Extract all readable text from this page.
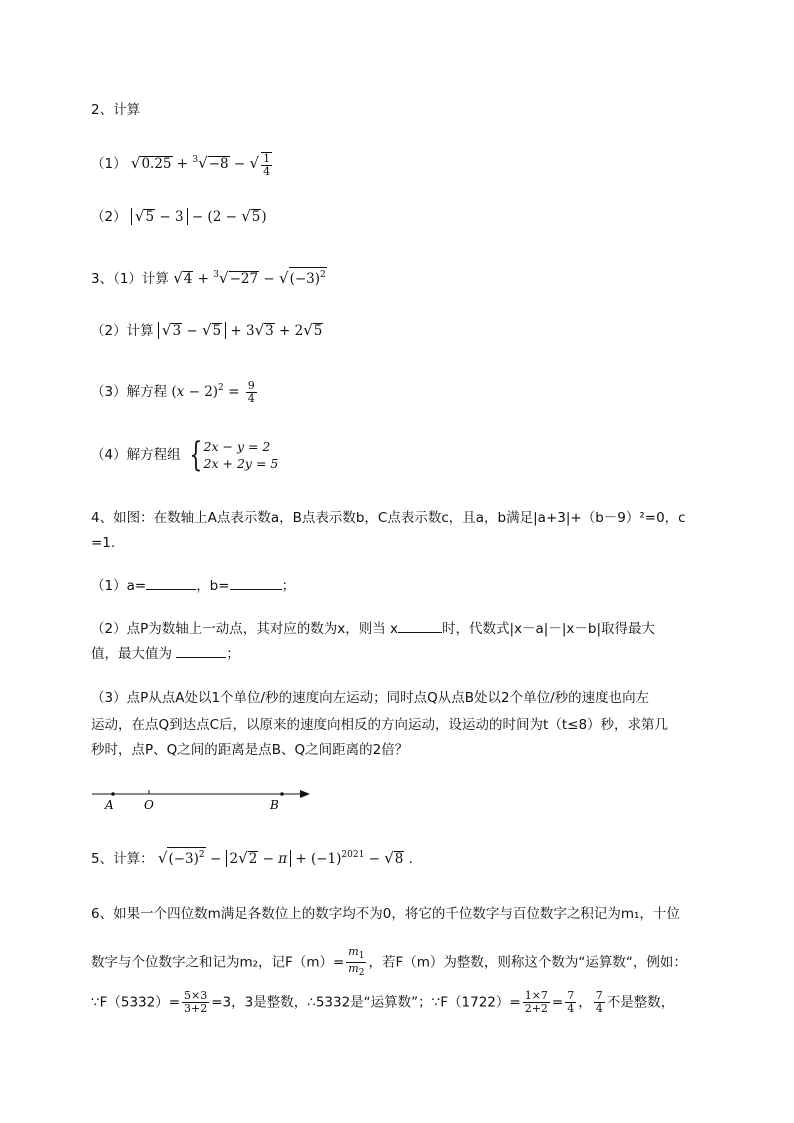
2、计算
（1） √0.25 + $^3$√−8 − √ $\frac{1}{4}$
（2） √5 − 3 − (2 − √5)
3、（1）计算 $√4 + ^3√-27 - √(-3)^2$
（2）计算 √3 − √5 + 3√3 + 2√5
（3）解方程 $(x - 2)^2 = \frac{9}{4}$
（4）解方程组 { 2x − y = 2
2x + 2y = 5
4、如图：在数轴上A点表示数a，B点表示数b，C点表示数c，且a，b满足|a+3|+（b－9）²=0，c
=1.
（1）a=	，b=	；
（2）点P为数轴上一动点，其对应的数为x，则当 x	时，代数式|x－a|－|x－b|取得最大
值，最大值为	；
（3）点P从点A处以1个单位/秒的速度向左运动；同时点Q从点B处以2个单位/秒的速度也向左
运动，在点Q到达点C后，以原来的速度向相反的方向运动，设运动的时间为t（t≤8）秒，求第几
秒时，点P、Q之间的距离是点B、Q之间距离的2倍？
A	O	B
5、计算： $√(-3)^2 - 2√2 - \pi + (-1)^{2021} - √8$ .
6、如果一个四位数m满足各数位上的数字均不为0，将它的千位数字与百位数字之积记为m₁，十位
数字与个位数字之和记为m₂，记$F(m)= \frac{m_1}{m_2}$ ，若F（m）为整数，则称这个数为“运算数“，例如：
∵F（5332）= $\frac{5\times 3}{3+2} =3$，3是整数，∴5332是“运算数”；∵F（1722）= $\frac{1\times 7}{2+2} = \frac{7}{4}$ ， $\frac{7}{4}$ 不是整数，
